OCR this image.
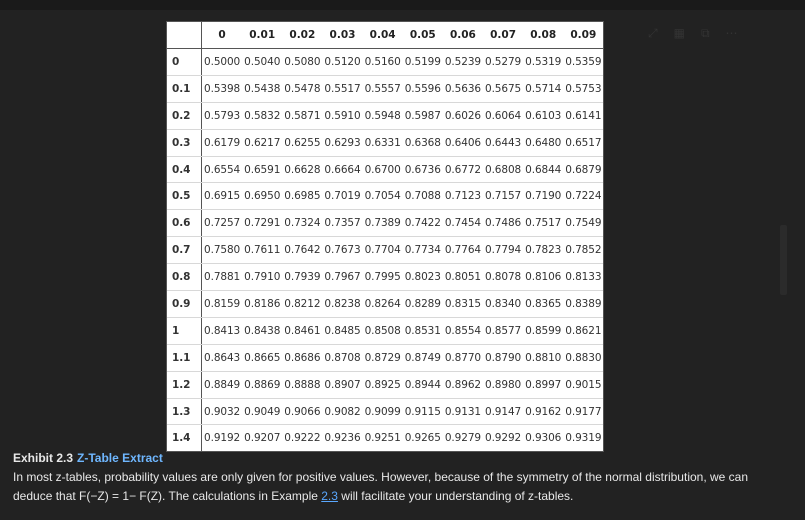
⤢ ▦ ⧉ ⋯
	0	0.01	0.02	0.03	0.04	0.05	0.06	0.07	0.08	0.09
0	0.5000	0.5040	0.5080	0.5120	0.5160	0.5199	0.5239	0.5279	0.5319	0.5359
0.1	0.5398	0.5438	0.5478	0.5517	0.5557	0.5596	0.5636	0.5675	0.5714	0.5753
0.2	0.5793	0.5832	0.5871	0.5910	0.5948	0.5987	0.6026	0.6064	0.6103	0.6141
0.3	0.6179	0.6217	0.6255	0.6293	0.6331	0.6368	0.6406	0.6443	0.6480	0.6517
0.4	0.6554	0.6591	0.6628	0.6664	0.6700	0.6736	0.6772	0.6808	0.6844	0.6879
0.5	0.6915	0.6950	0.6985	0.7019	0.7054	0.7088	0.7123	0.7157	0.7190	0.7224
0.6	0.7257	0.7291	0.7324	0.7357	0.7389	0.7422	0.7454	0.7486	0.7517	0.7549
0.7	0.7580	0.7611	0.7642	0.7673	0.7704	0.7734	0.7764	0.7794	0.7823	0.7852
0.8	0.7881	0.7910	0.7939	0.7967	0.7995	0.8023	0.8051	0.8078	0.8106	0.8133
0.9	0.8159	0.8186	0.8212	0.8238	0.8264	0.8289	0.8315	0.8340	0.8365	0.8389
1	0.8413	0.8438	0.8461	0.8485	0.8508	0.8531	0.8554	0.8577	0.8599	0.8621
1.1	0.8643	0.8665	0.8686	0.8708	0.8729	0.8749	0.8770	0.8790	0.8810	0.8830
1.2	0.8849	0.8869	0.8888	0.8907	0.8925	0.8944	0.8962	0.8980	0.8997	0.9015
1.3	0.9032	0.9049	0.9066	0.9082	0.9099	0.9115	0.9131	0.9147	0.9162	0.9177
1.4	0.9192	0.9207	0.9222	0.9236	0.9251	0.9265	0.9279	0.9292	0.9306	0.9319

Exhibit 2.3 Z-Table Extract

In most z-tables, probability values are only given for positive values. However, because of the symmetry of the normal distribution, we can
deduce that F(−Z) = 1− F(Z). The calculations in Example 2.3 will facilitate your understanding of z-tables.
